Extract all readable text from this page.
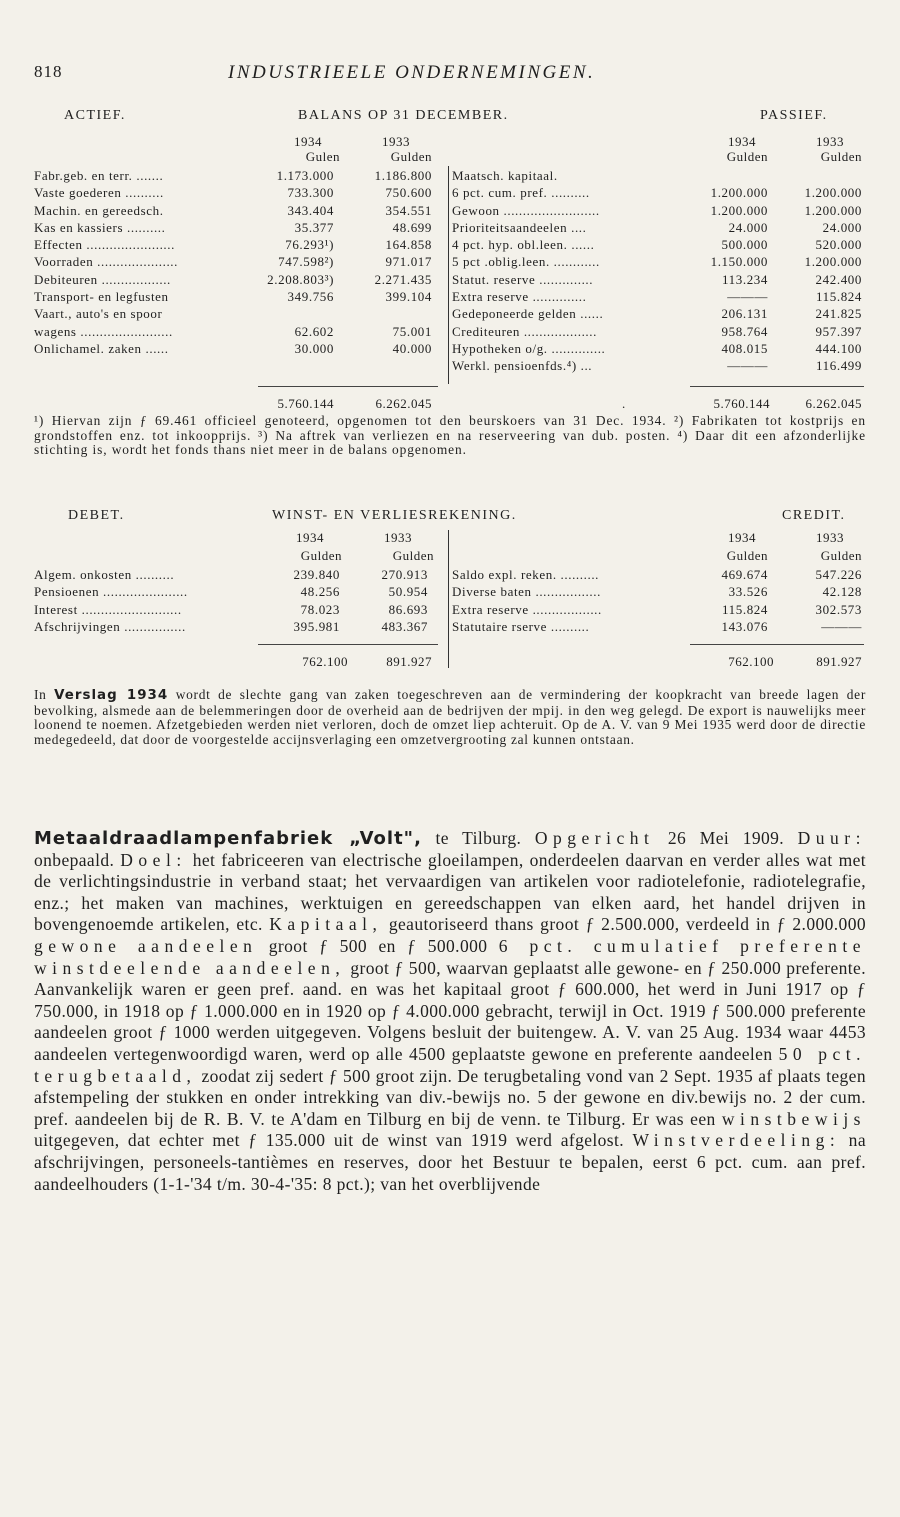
818	INDUSTRIEELE ONDERNEMINGEN.
ACTIEF.	BALANS OP 31 DECEMBER.	PASSIEF.
1934	1933
Gulen	Gulden
1934	1933
Gulden	Gulden
Fabr.geb. en terr. .......	1.173.000	1.186.800
Vaste goederen ..........	733.300	750.600
Machin. en gereedsch.	343.404	354.551
Kas en kassiers ..........	35.377	48.699
Effecten .......................	76.293¹)	164.858
Voorraden .....................	747.598²)	971.017
Debiteuren ..................	2.208.803³)	2.271.435
Transport- en legfusten	349.756	399.104
Vaart., auto's en spoor
wagens ........................	62.602	75.001
Onlichamel. zaken ......	30.000	40.000
Maatsch. kapitaal.
6 pct. cum. pref. ..........	1.200.000	1.200.000
Gewoon .........................	1.200.000	1.200.000
Prioriteitsaandeelen ....	24.000	24.000
4 pct. hyp. obl.leen. ......	500.000	520.000
5 pct .oblig.leen. ............	1.150.000	1.200.000
Statut. reserve ..............	113.234	242.400
Extra reserve ..............	———	115.824
Gedeponeerde gelden ......	206.131	241.825
Crediteuren ...................	958.764	957.397
Hypotheken o/g. ..............	408.015	444.100
Werkl. pensioenfds.⁴) ...	———	116.499
5.760.144	6.262.045	.	5.760.144	6.262.045
¹) Hiervan zijn ƒ 69.461 officieel genoteerd, opgenomen tot den beurskoers van 31 Dec. 1934. ²) Fabrikaten tot kostprijs en grondstoffen enz. tot inkoopprijs. ³) Na aftrek van verliezen en na reserveering van dub. posten. ⁴) Daar dit een afzonderlijke stichting is, wordt het fonds thans niet meer in de balans opgenomen.
DEBET.	WINST- EN VERLIESREKENING.	CREDIT.
1934	1933
Gulden	Gulden
1934	1933
Gulden	Gulden
Algem. onkosten ..........	239.840	270.913
Pensioenen ......................	48.256	50.954
Interest ..........................	78.023	86.693
Afschrijvingen ................	395.981	483.367
Saldo expl. reken. ..........	469.674	547.226
Diverse baten .................	33.526	42.128
Extra reserve ..................	115.824	302.573
Statutaire rserve ..........	143.076	———
762.100	891.927	762.100	891.927
In Verslag 1934 wordt de slechte gang van zaken toegeschreven aan de vermindering der koopkracht van breede lagen der bevolking, alsmede aan de belemmeringen door de overheid aan de bedrijven der mpij. in den weg gelegd. De export is nauwelijks meer loonend te noemen. Afzetgebieden werden niet verloren, doch de omzet liep achteruit. Op de A. V. van 9 Mei 1935 werd door de directie medegedeeld, dat door de voorgestelde accijnsverlaging een omzetvergrooting zal kunnen ontstaan.
Metaaldraadlampenfabriek „Volt", te Tilburg. Opgericht 26 Mei 1909. Duur: onbepaald. Doel: het fabriceeren van electrische gloeilampen, onderdeelen daarvan en verder alles wat met de verlichtingsindustrie in verband staat; het vervaardigen van artikelen voor radiotelefonie, radiotelegrafie, enz.; het maken van machines, werktuigen en gereedschappen van elken aard, het handel drijven in bovengenoemde artikelen, etc. Kapitaal, geautoriseerd thans groot ƒ 2.500.000, verdeeld in ƒ 2.000.000 gewone aandeelen groot ƒ 500 en ƒ 500.000 6 pct. cumulatief preferente winstdeelende aandeelen, groot ƒ 500, waarvan geplaatst alle gewone- en ƒ 250.000 preferente. Aanvankelijk waren er geen pref. aand. en was het kapitaal groot ƒ 600.000, het werd in Juni 1917 op ƒ 750.000, in 1918 op ƒ 1.000.000 en in 1920 op ƒ 4.000.000 gebracht, terwijl in Oct. 1919 ƒ 500.000 preferente aandeelen groot ƒ 1000 werden uitgegeven. Volgens besluit der buitengew. A. V. van 25 Aug. 1934 waar 4453 aandeelen vertegenwoordigd waren, werd op alle 4500 geplaatste gewone en preferente aandeelen 50 pct. terugbetaald, zoodat zij sedert ƒ 500 groot zijn. De terugbetaling vond van 2 Sept. 1935 af plaats tegen afstempeling der stukken en onder intrekking van div.-bewijs no. 5 der gewone en div.bewijs no. 2 der cum. pref. aandeelen bij de R. B. V. te A'dam en Tilburg en bij de venn. te Tilburg. Er was een winstbewijs uitgegeven, dat echter met ƒ 135.000 uit de winst van 1919 werd afgelost. Winstverdeeling: na afschrijvingen, personeels-tantièmes en reserves, door het Bestuur te bepalen, eerst 6 pct. cum. aan pref. aandeelhouders (1-1-'34 t/m. 30-4-'35: 8 pct.); van het overblijvende
